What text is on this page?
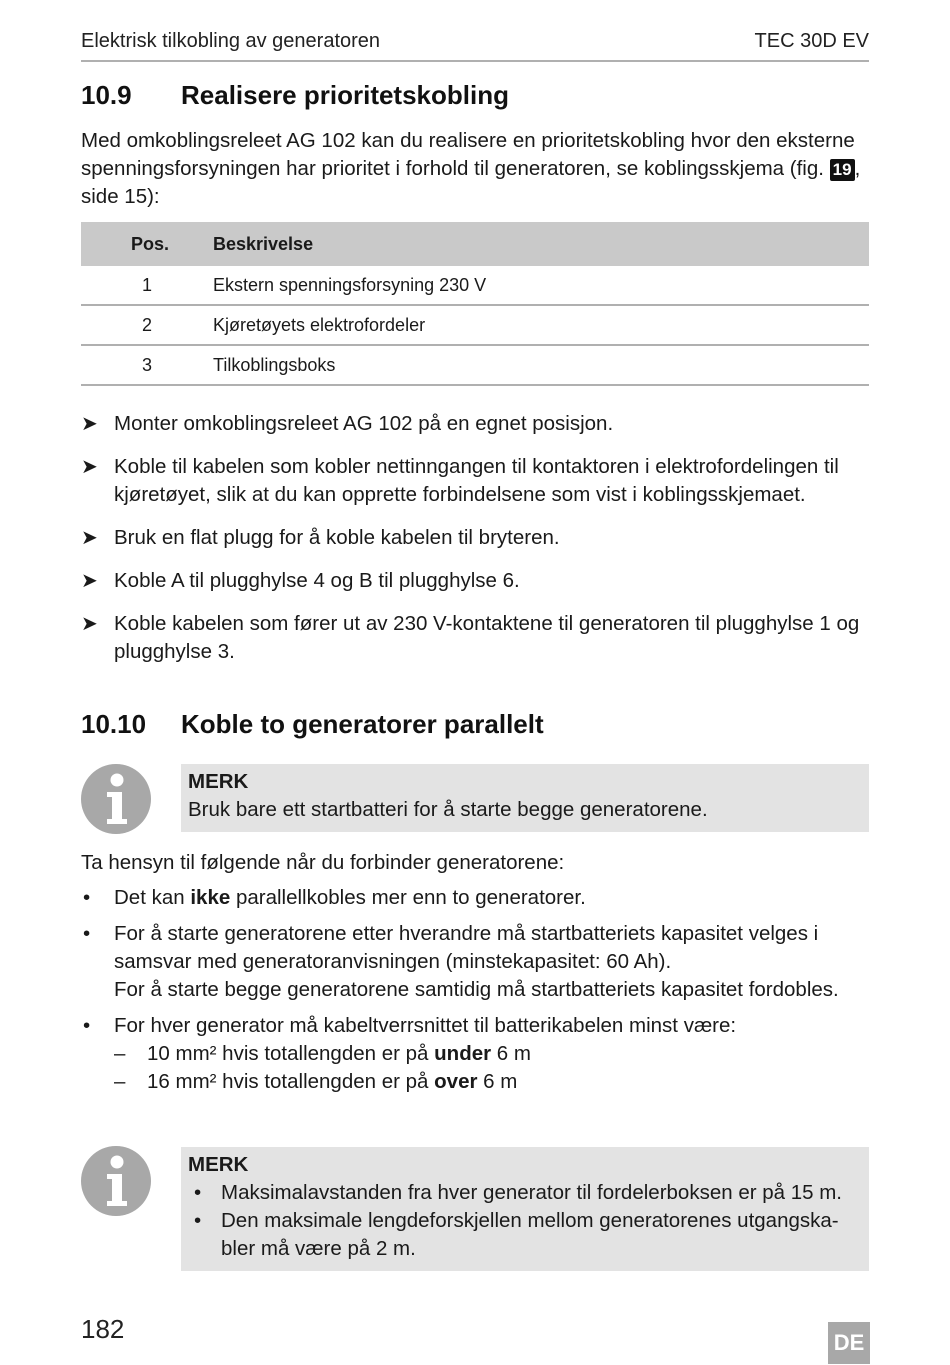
Elektrisk tilkobling av generatoren	TEC 30D EV
10.9	Realisere prioritetskobling

Med omkoblingsreleet AG 102 kan du realisere en prioritetskobling hvor den eksterne spenningsforsyningen har prioritet i forhold til generatoren, se koblingsskjema (fig. 19 , side 15):

Pos.	Beskrivelse
1	Ekstern spenningsforsyning 230 V
2	Kjøretøyets elektrofordeler
3	Tilkoblingsboks
➤ Monter omkoblingsreleet AG 102 på en egnet posisjon.
➤ Koble til kabelen som kobler nettinngangen til kontaktoren i elektrofordelingen til kjøretøyet, slik at du kan opprette forbindelsene som vist i koblingsskjemaet.
➤ Bruk en flat plugg for å koble kabelen til bryteren.
➤ Koble A til plugghylse 4 og B til plugghylse 6.
➤ Koble kabelen som fører ut av 230 V-kontaktene til generatoren til plugghylse 1 og plugghylse 3.
10.10	Koble to generatorer parallelt
MERK
Bruk bare ett startbatteri for å starte begge generatorene.

Ta hensyn til følgende når du forbinder generatorene:

• Det kan ikke parallellkobles mer enn to generatorer.
• For å starte generatorene etter hverandre må startbatteriets kapasitet velges i samsvar med generatoranvisningen (minstekapasitet: 60 Ah).
For å starte begge generatorene samtidig må startbatteriets kapasitet fordobles.
• For hver generator må kabeltverrsnittet til batterikabelen minst være:
– 10 mm² hvis totallengden er på under 6 m
– 16 mm² hvis totallengden er på over 6 m
MERK
• Maksimalavstanden fra hver generator til fordelerboksen er på 15 m.
• Den maksimale lengdeforskjellen mellom generatorenes utgangska-bler må være på 2 m.
182	DE
